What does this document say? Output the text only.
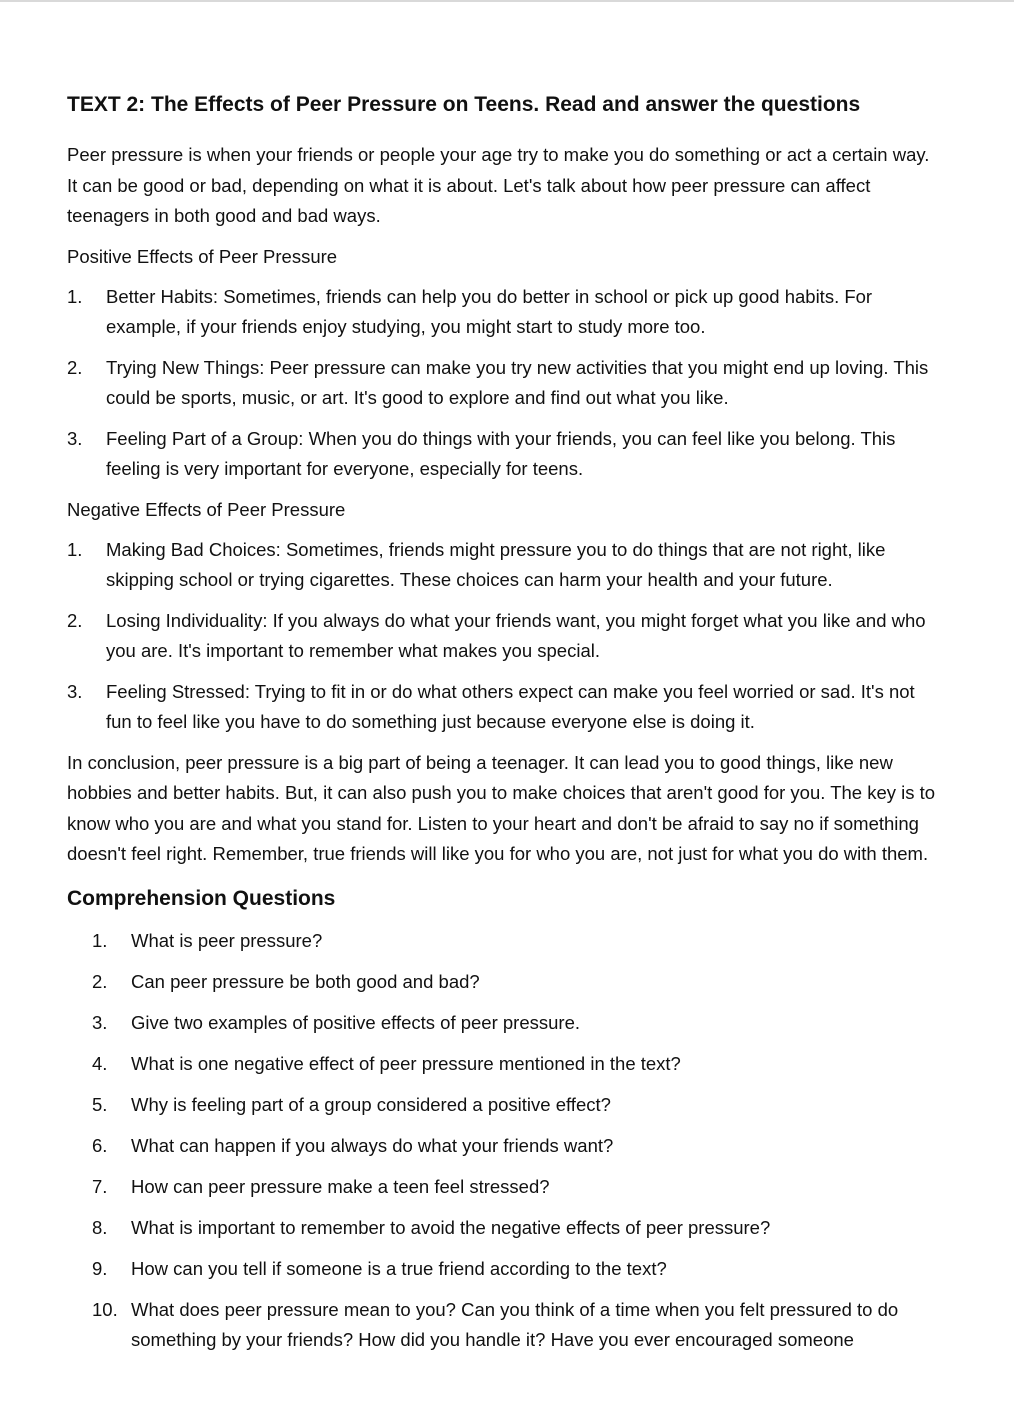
TEXT 2: The Effects of Peer Pressure on Teens. Read and answer the questions

Peer pressure is when your friends or people your age try to make you do something or act a certain way. It can be good or bad, depending on what it is about. Let's talk about how peer pressure can affect teenagers in both good and bad ways.

Positive Effects of Peer Pressure
1. Better Habits: Sometimes, friends can help you do better in school or pick up good habits. For example, if your friends enjoy studying, you might start to study more too.
2. Trying New Things: Peer pressure can make you try new activities that you might end up loving. This could be sports, music, or art. It's good to explore and find out what you like.
3. Feeling Part of a Group: When you do things with your friends, you can feel like you belong. This feeling is very important for everyone, especially for teens.
Negative Effects of Peer Pressure
1. Making Bad Choices: Sometimes, friends might pressure you to do things that are not right, like skipping school or trying cigarettes. These choices can harm your health and your future.
2. Losing Individuality: If you always do what your friends want, you might forget what you like and who you are. It's important to remember what makes you special.
3. Feeling Stressed: Trying to fit in or do what others expect can make you feel worried or sad. It's not fun to feel like you have to do something just because everyone else is doing it.

In conclusion, peer pressure is a big part of being a teenager. It can lead you to good things, like new hobbies and better habits. But, it can also push you to make choices that aren't good for you. The key is to know who you are and what you stand for. Listen to your heart and don't be afraid to say no if something doesn't feel right. Remember, true friends will like you for who you are, not just for what you do with them.

Comprehension Questions
1. What is peer pressure?
2. Can peer pressure be both good and bad?
3. Give two examples of positive effects of peer pressure.
4. What is one negative effect of peer pressure mentioned in the text?
5. Why is feeling part of a group considered a positive effect?
6. What can happen if you always do what your friends want?
7. How can peer pressure make a teen feel stressed?
8. What is important to remember to avoid the negative effects of peer pressure?
9. How can you tell if someone is a true friend according to the text?
10. What does peer pressure mean to you? Can you think of a time when you felt pressured to do something by your friends? How did you handle it? Have you ever encouraged someone
